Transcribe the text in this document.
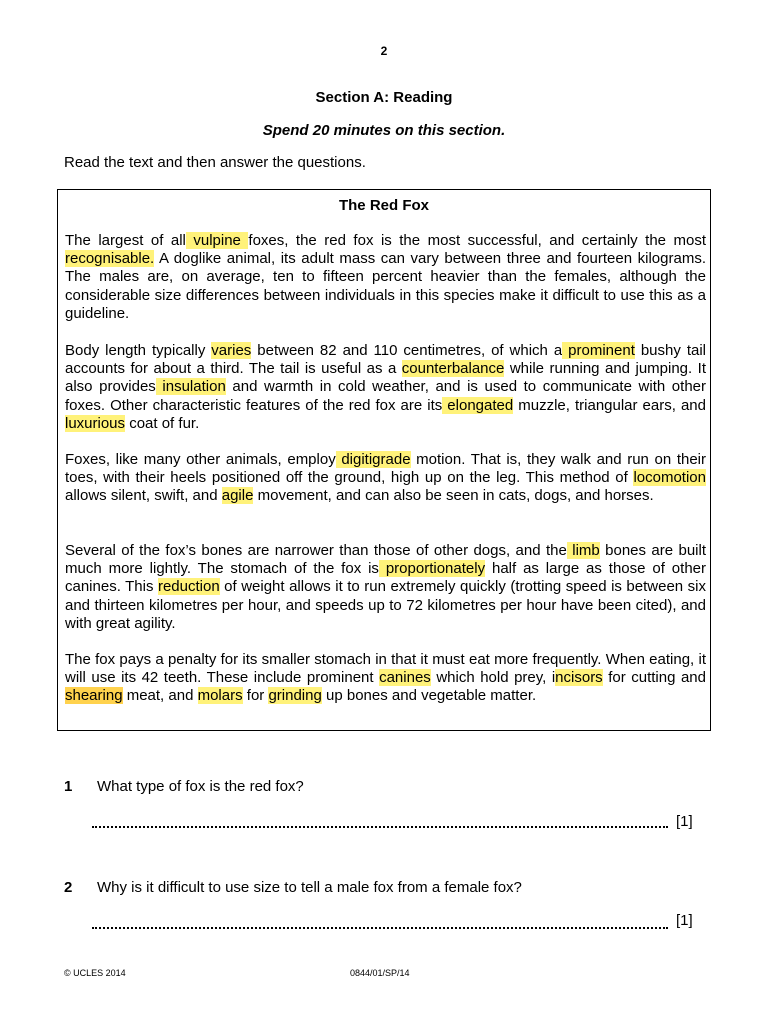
2
Section A: Reading
Spend 20 minutes on this section.
Read the text and then answer the questions.
The Red Fox
The largest of all vulpine foxes, the red fox is the most successful, and certainly the most recognisable. A doglike animal, its adult mass can vary between three and fourteen kilograms. The males are, on average, ten to fifteen percent heavier than the females, although the considerable size differences between individuals in this species make it difficult to use this as a guideline.
Body length typically varies between 82 and 110 centimetres, of which a prominent bushy tail accounts for about a third. The tail is useful as a counterbalance while running and jumping. It also provides insulation and warmth in cold weather, and is used to communicate with other foxes. Other characteristic features of the red fox are its elongated muzzle, triangular ears, and luxurious coat of fur.
Foxes, like many other animals, employ digitigrade motion. That is, they walk and run on their toes, with their heels positioned off the ground, high up on the leg. This method of locomotion allows silent, swift, and agile movement, and can also be seen in cats, dogs, and horses.
Several of the fox’s bones are narrower than those of other dogs, and the limb bones are built much more lightly. The stomach of the fox is proportionately half as large as those of other canines. This reduction of weight allows it to run extremely quickly (trotting speed is between six and thirteen kilometres per hour, and speeds up to 72 kilometres per hour have been cited), and with great agility.
The fox pays a penalty for its smaller stomach in that it must eat more frequently. When eating, it will use its 42 teeth. These include prominent canines which hold prey, incisors for cutting and shearing meat, and molars for grinding up bones and vegetable matter.
1 What type of fox is the red fox?
[1]
2 Why is it difficult to use size to tell a male fox from a female fox?
[1]
© UCLES 2014	0844/01/SP/14
